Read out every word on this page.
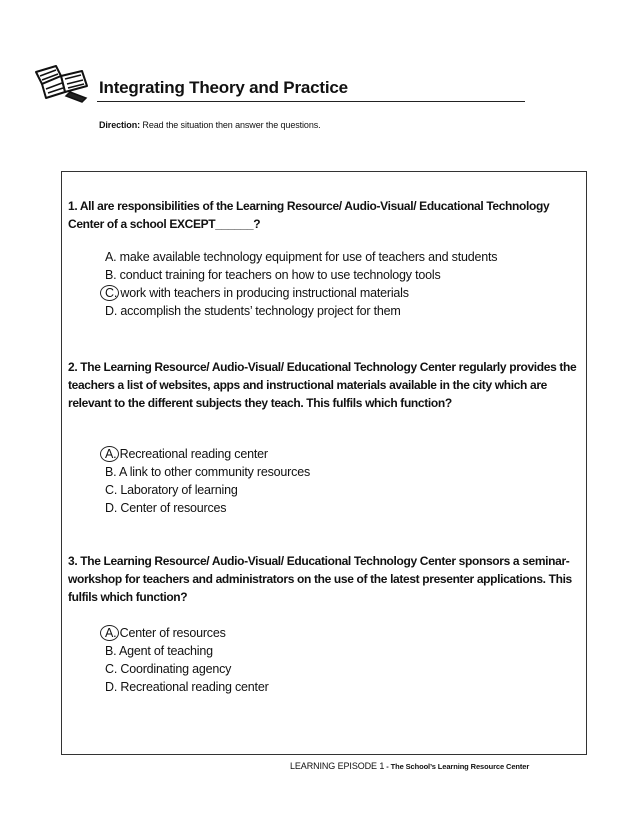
Integrating Theory and Practice
Direction: Read the situation then answer the questions.

1. All are responsibilities of the Learning Resource/ Audio-Visual/ Educational Technology Center of a school EXCEPT______?

A. make available technology equipment for use of teachers and students
B. conduct training for teachers on how to use technology tools
C. work with teachers in producing instructional materials
D. accomplish the students’ technology project for them

2. The Learning Resource/ Audio-Visual/ Educational Technology Center regularly provides the teachers a list of websites, apps and instructional materials available in the city which are relevant to the different subjects they teach. This fulfils which function?

A. Recreational reading center
B. A link to other community resources
C. Laboratory of learning
D. Center of resources

3. The Learning Resource/ Audio-Visual/ Educational Technology Center sponsors a seminar-workshop for teachers and administrators on the use of the latest presenter applications. This fulfils which function?

A. Center of resources
B. Agent of teaching
C. Coordinating agency
D. Recreational reading center
LEARNING EPISODE 1 - The School’s Learning Resource Center
